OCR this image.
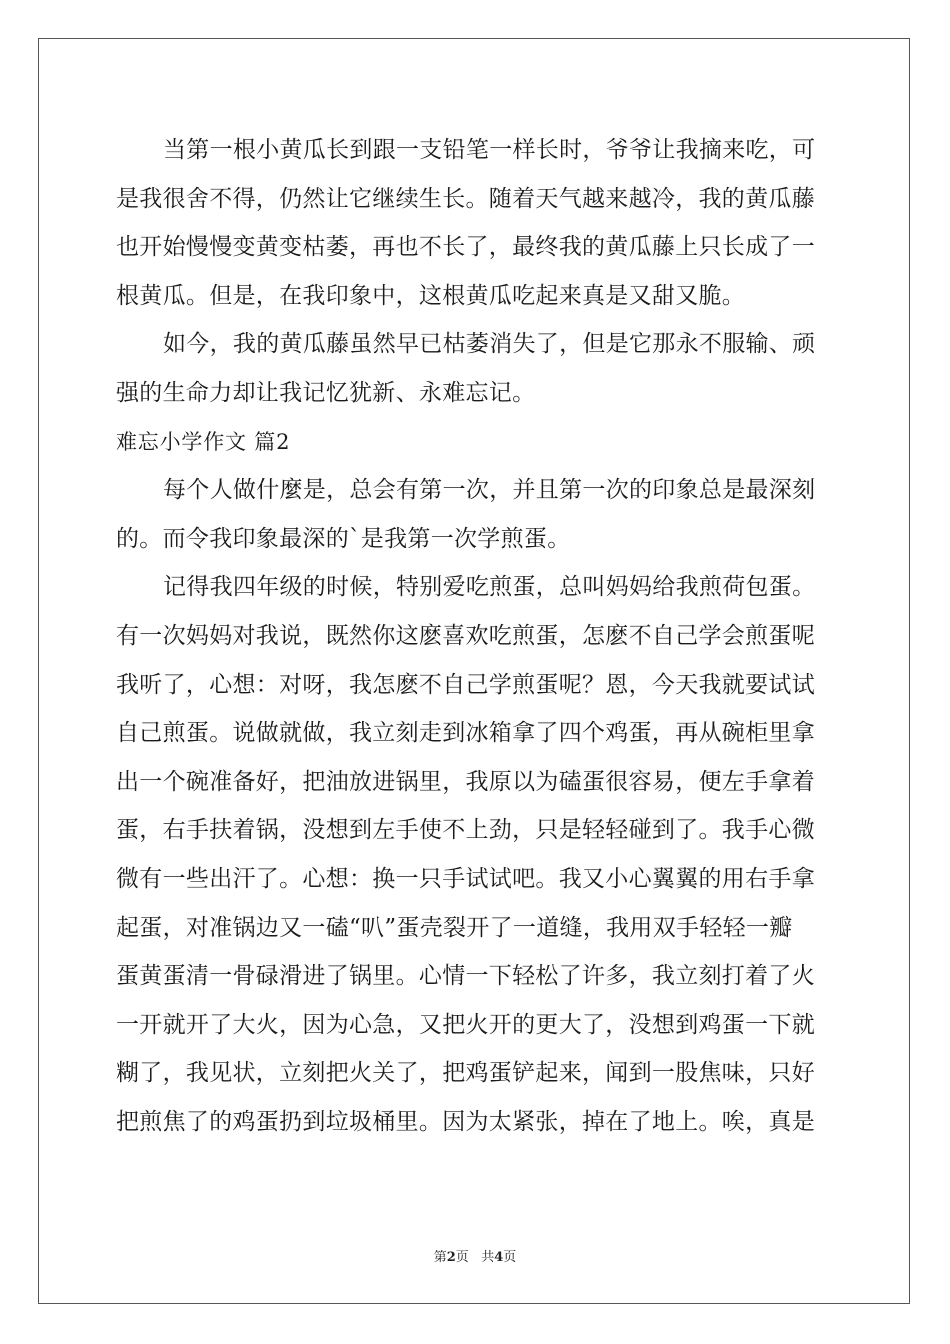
当第一根小黄瓜长到跟一支铅笔一样长时，爷爷让我摘来吃，可
是我很舍不得，仍然让它继续生长。随着天气越来越冷，我的黄瓜藤
也开始慢慢变黄变枯萎，再也不长了，最终我的黄瓜藤上只长成了一
根黄瓜。但是，在我印象中，这根黄瓜吃起来真是又甜又脆。
如今，我的黄瓜藤虽然早已枯萎消失了，但是它那永不服输、顽
强的生命力却让我记忆犹新、永难忘记。
难忘小学作文 篇2
每个人做什麼是，总会有第一次，并且第一次的印象总是最深刻
的。而令我印象最深的`是我第一次学煎蛋。
记得我四年级的时候，特别爱吃煎蛋，总叫妈妈给我煎荷包蛋。
有一次妈妈对我说，既然你这麽喜欢吃煎蛋，怎麽不自己学会煎蛋呢
我听了，心想：对呀，我怎麽不自己学煎蛋呢？恩，今天我就要试试
自己煎蛋。说做就做，我立刻走到冰箱拿了四个鸡蛋，再从碗柜里拿
出一个碗准备好，把油放进锅里，我原以为磕蛋很容易，便左手拿着
蛋，右手扶着锅，没想到左手使不上劲，只是轻轻碰到了。我手心微
微有一些出汗了。心想：换一只手试试吧。我又小心翼翼的用右手拿
起蛋，对准锅边又一磕“叭”蛋壳裂开了一道缝，我用双手轻轻一瓣
蛋黄蛋清一骨碌滑进了锅里。心情一下轻松了许多，我立刻打着了火
一开就开了大火，因为心急，又把火开的更大了，没想到鸡蛋一下就
糊了，我见状，立刻把火关了，把鸡蛋铲起来，闻到一股焦味，只好
把煎焦了的鸡蛋扔到垃圾桶里。因为太紧张，掉在了地上。唉，真是
第2页 共4页
